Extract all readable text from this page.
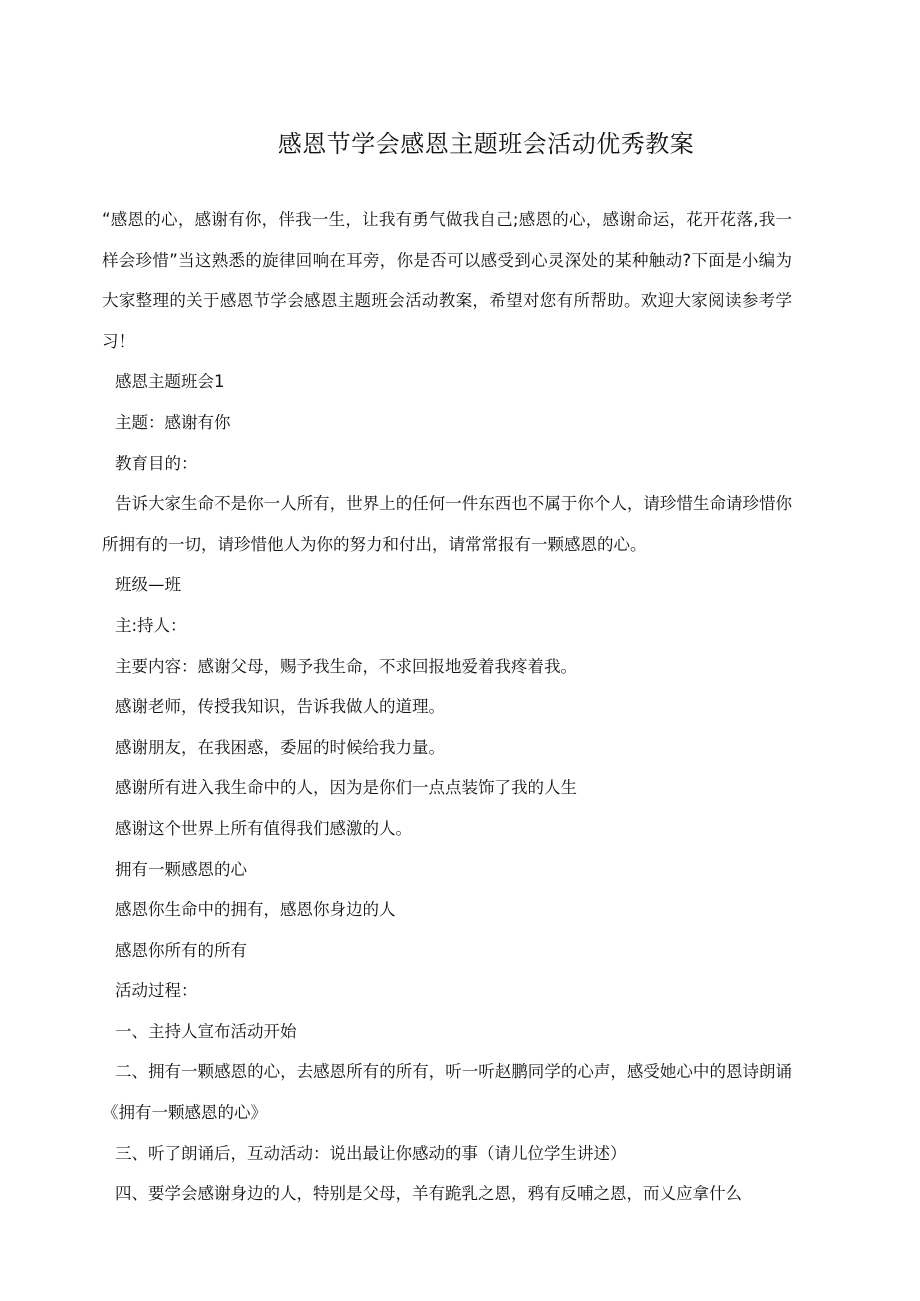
感恩节学会感恩主题班会活动优秀教案

“感恩的心，感谢有你，伴我一生，让我有勇气做我自己;感恩的心，感谢命运，花开花落,我一样会珍惜”当这熟悉的旋律回响在耳旁，你是否可以感受到心灵深处的某种触动?下面是小编为大家整理的关于感恩节学会感恩主题班会活动教案，希望对您有所帮助。欢迎大家阅读参考学习！

感恩主题班会1

主题：感谢有你

教育目的：

告诉大家生命不是你一人所有，世界上的任何一件东西也不属于你个人，请珍惜生命请珍惜你所拥有的一切，请珍惜他人为你的努力和付出，请常常报有一颗感恩的心。

班级—班

主:持人：

主要内容：感谢父母，赐予我生命，不求回报地爱着我疼着我。

感谢老师，传授我知识，告诉我做人的道理。

感谢朋友，在我困惑，委屈的时候给我力量。

感谢所有进入我生命中的人，因为是你们一点点装饰了我的人生

感谢这个世界上所有值得我们感激的人。

拥有一颗感恩的心

感恩你生命中的拥有，感恩你身边的人

感恩你所有的所有

活动过程：

一、主持人宣布活动开始

二、拥有一颗感恩的心，去感恩所有的所有，听一听赵鹏同学的心声，感受她心中的恩诗朗诵《拥有一颗感恩的心》

三、听了朗诵后，互动活动：说出最让你感动的事（请儿位学生讲述）

四、要学会感谢身边的人，特别是父母，羊有跪乳之恩，鸦有反哺之恩，而乂应拿什么
